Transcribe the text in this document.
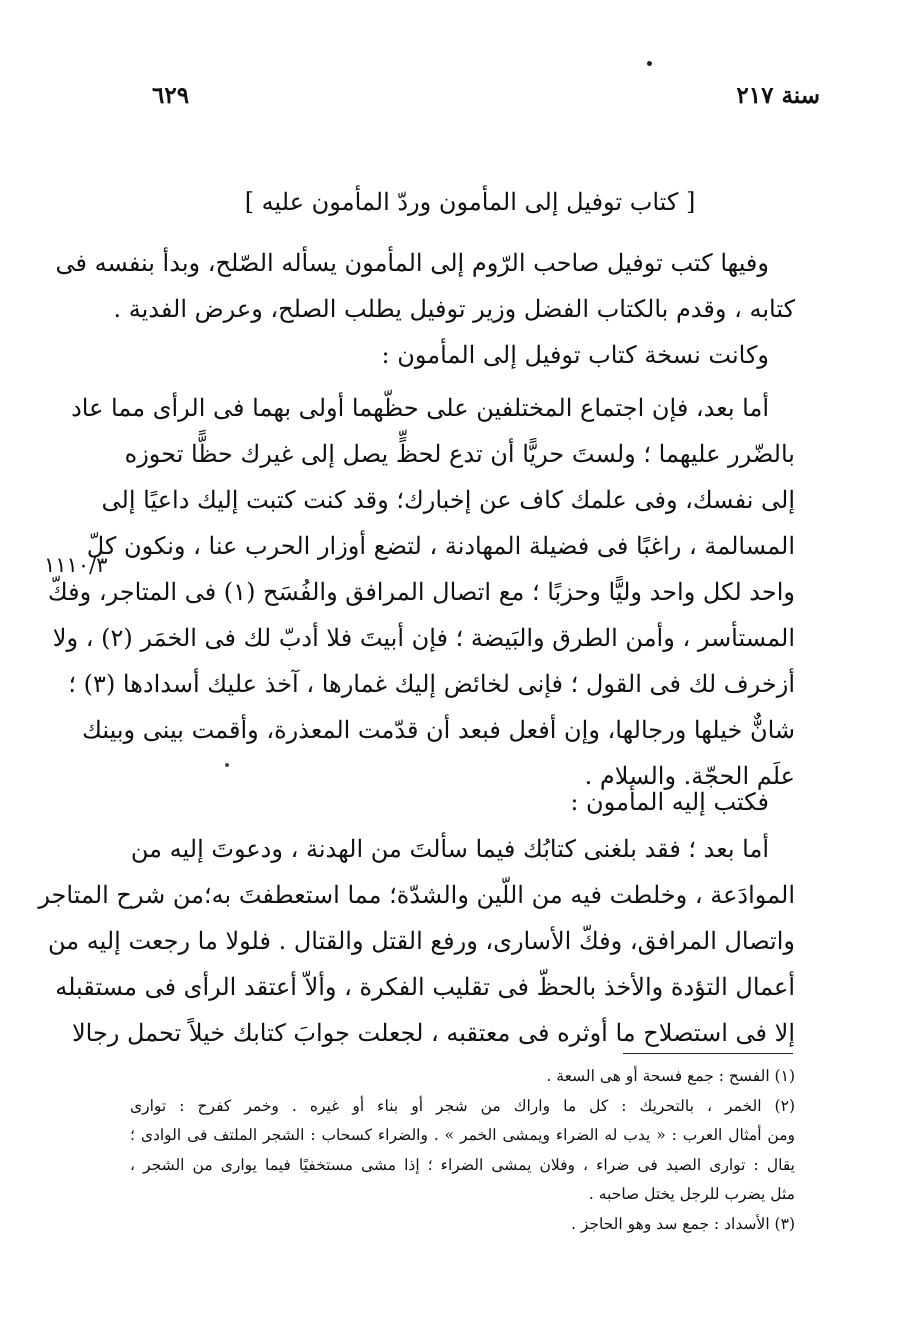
٦٢٩	سنة ٢١٧
[ كتاب توفيل إلى المأمون وردّ المأمون عليه ]
١١١٠/٣
وفيها كتب توفيل صاحب الرّوم إلى المأمون يسأله الصّلح، وبدأ بنفسه فى
كتابه ، وقدم بالكتاب الفضل وزير توفيل يطلب الصلح، وعرض الفدية .
وكانت نسخة كتاب توفيل إلى المأمون :
أما بعد، فإن اجتماع المختلفين على حظّهما أولى بهما فى الرأى مما عاد
بالضّرر عليهما ؛ ولستَ حريًّا أن تدع لحظٍّ يصل إلى غيرك حظًّا تحوزه
إلى نفسك، وفى علمك كاف عن إخبارك؛ وقد كنت كتبت إليك داعيًا إلى
المسالمة ، راغبًا فى فضيلة المهادنة ، لتضع أوزار الحرب عنا ، ونكون كلّ
واحد لكل واحد وليًّا وحزبًا ؛ مع اتصال المرافق والفُسَح (١) فى المتاجر، وفكّ
المستأسر ، وأمن الطرق والبَيضة ؛ فإن أبيتَ فلا أدبّ لك فى الخمَر (٢) ، ولا
أزخرف لك فى القول ؛ فإنى لخائض إليك غمارها ، آخذ عليك أسدادها (٣) ؛
شانٌّ خيلها ورجالها، وإن أفعل فبعد أن قدّمت المعذرة، وأقمت بينى وبينك
علَم الحجّة. والسلام .
فكتب إليه المأمون :
أما بعد ؛ فقد بلغنى كتابُك فيما سألتَ من الهدنة ، ودعوتَ إليه من
الموادَعة ، وخلطت فيه من اللّين والشدّة؛ مما استعطفتَ به؛من شرح المتاجر
واتصال المرافق، وفكّ الأسارى، ورفع القتل والقتال . فلولا ما رجعت إليه من
أعمال التؤدة والأخذ بالحظّ فى تقليب الفكرة ، وألاّ أعتقد الرأى فى مستقبله
إلا فى استصلاح ما أوثره فى معتقبه ، لجعلت جوابَ كتابك خيلاً تحمل رجالا
(١) الفسح : جمع فسحة أو هى السعة .
(٢) الخمر ، بالتحريك : كل ما واراك من شجر أو بناء أو غيره . وخمر كفرح : توارى
ومن أمثال العرب : « يدب له الضراء ويمشى الخمر » . والضراء كسحاب : الشجر الملتف فى الوادى ؛
يقال : توارى الصيد فى ضراء ، وفلان يمشى الضراء ؛ إذا مشى مستخفيًا فيما يوارى من الشجر ،
مثل يضرب للرجل يختل صاحبه .
(٣) الأسداد : جمع سد وهو الحاجز .
